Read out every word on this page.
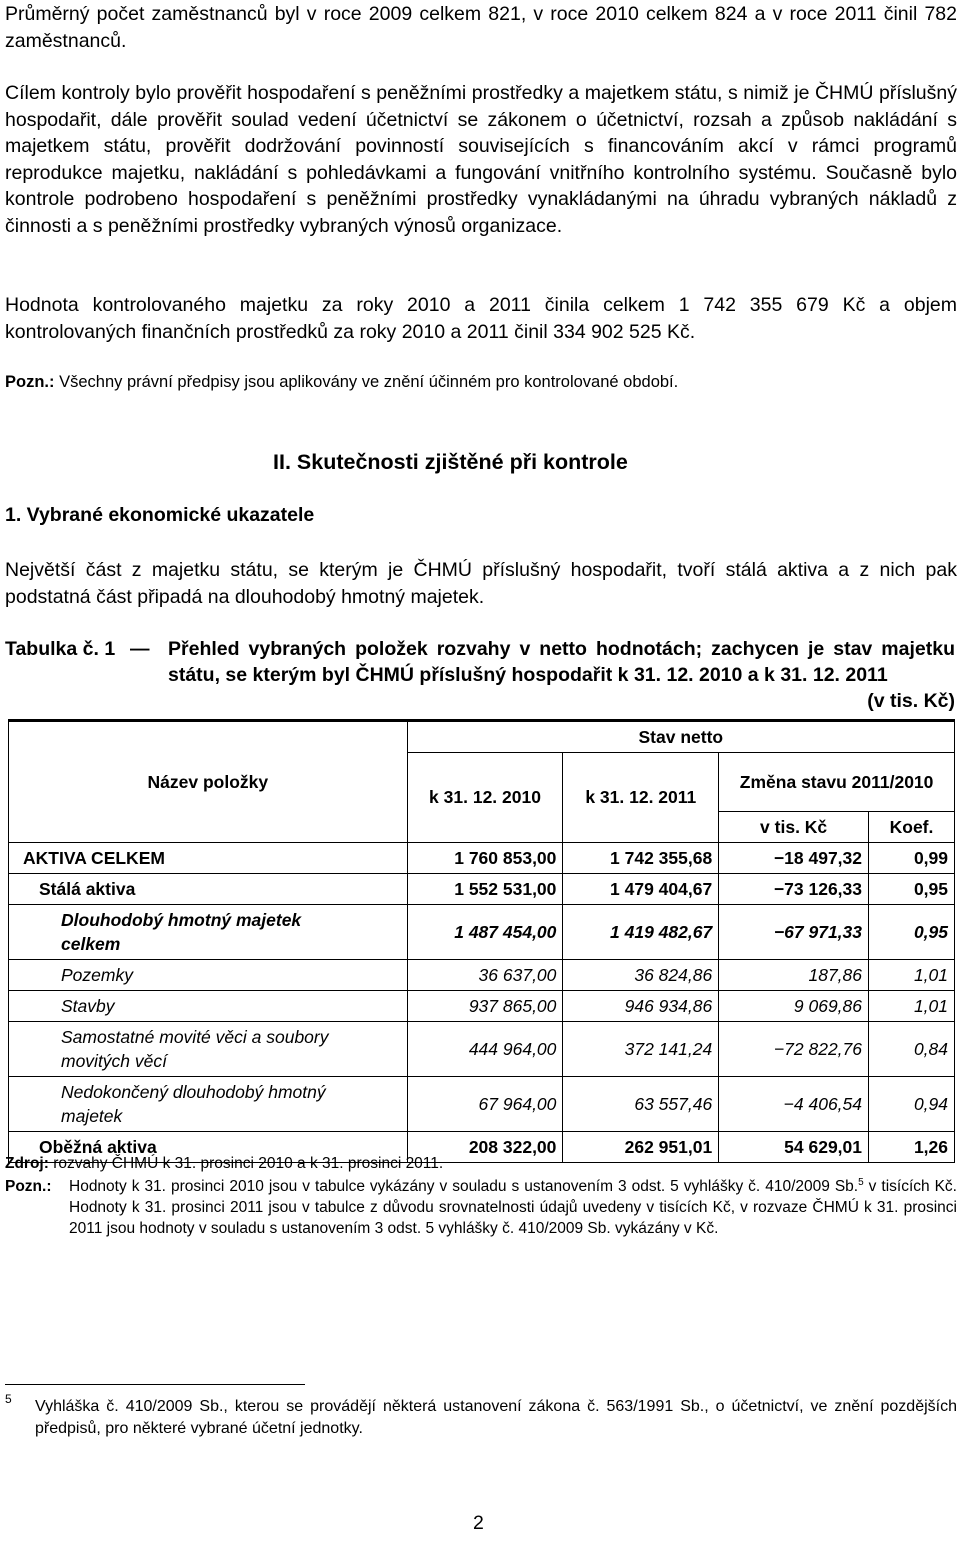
Průměrný počet zaměstnanců byl v roce 2009 celkem 821, v roce 2010 celkem 824 a v roce 2011 činil 782 zaměstnanců.

Cílem kontroly bylo prověřit hospodaření s peněžními prostředky a majetkem státu, s nimiž je ČHMÚ příslušný hospodařit, dále prověřit soulad vedení účetnictví se zákonem o účetnictví, rozsah a způsob nakládání s majetkem státu, prověřit dodržování povinností souvisejících s financováním akcí v rámci programů reprodukce majetku, nakládání s pohledávkami a fungování vnitřního kontrolního systému. Současně bylo kontrole podrobeno hospodaření s peněžními prostředky vynakládanými na úhradu vybraných nákladů z činnosti a s peněžními prostředky vybraných výnosů organizace.

Hodnota kontrolovaného majetku za roky 2010 a 2011 činila celkem 1 742 355 679 Kč a objem kontrolovaných finančních prostředků za roky 2010 a 2011 činil 334 902 525 Kč.

Pozn.: Všechny právní předpisy jsou aplikovány ve znění účinném pro kontrolované období.

II. Skutečnosti zjištěné při kontrole
1. Vybrané ekonomické ukazatele

Největší část z majetku státu, se kterým je ČHMÚ příslušný hospodařit, tvoří stálá aktiva a z nich pak podstatná část připadá na dlouhodobý hmotný majetek.

Tabulka č. 1 — Přehled vybraných položek rozvahy v netto hodnotách; zachycen je stav majetku státu, se kterým byl ČHMÚ příslušný hospodařit k 31. 12. 2010 a k 31. 12. 2011
(v tis. Kč)
Název položky	Stav netto			
	k 31. 12. 2010	k 31. 12. 2011	Změna stavu 2011/2010	
			v tis. Kč	Koef.
AKTIVA CELKEM	1 760 853,00	1 742 355,68	−18 497,32	0,99
Stálá aktiva	1 552 531,00	1 479 404,67	−73 126,33	0,95
Dlouhodobý hmotný majetek celkem	1 487 454,00	1 419 482,67	−67 971,33	0,95
Pozemky	36 637,00	36 824,86	187,86	1,01
Stavby	937 865,00	946 934,86	9 069,86	1,01
Samostatné movité věci a soubory movitých věcí	444 964,00	372 141,24	−72 822,76	0,84
Nedokončený dlouhodobý hmotný majetek	67 964,00	63 557,46	−4 406,54	0,94
Oběžná aktiva	208 322,00	262 951,01	54 629,01	1,26

Zdroj: rozvahy ČHMÚ k 31. prosinci 2010 a k 31. prosinci 2011.

Pozn.: Hodnoty k 31. prosinci 2010 jsou v tabulce vykázány v souladu s ustanovením 3 odst. 5 vyhlášky č. 410/2009 Sb.$^5$ v tisících Kč. Hodnoty k 31. prosinci 2011 jsou v tabulce z důvodu srovnatelnosti údajů uvedeny v tisících Kč, v rozvaze ČHMÚ k 31. prosinci 2011 jsou hodnoty v souladu s ustanovením 3 odst. 5 vyhlášky č. 410/2009 Sb. vykázány v Kč.
5 Vyhláška č. 410/2009 Sb., kterou se provádějí některá ustanovení zákona č. 563/1991 Sb., o účetnictví, ve znění pozdějších předpisů, pro některé vybrané účetní jednotky.
2
